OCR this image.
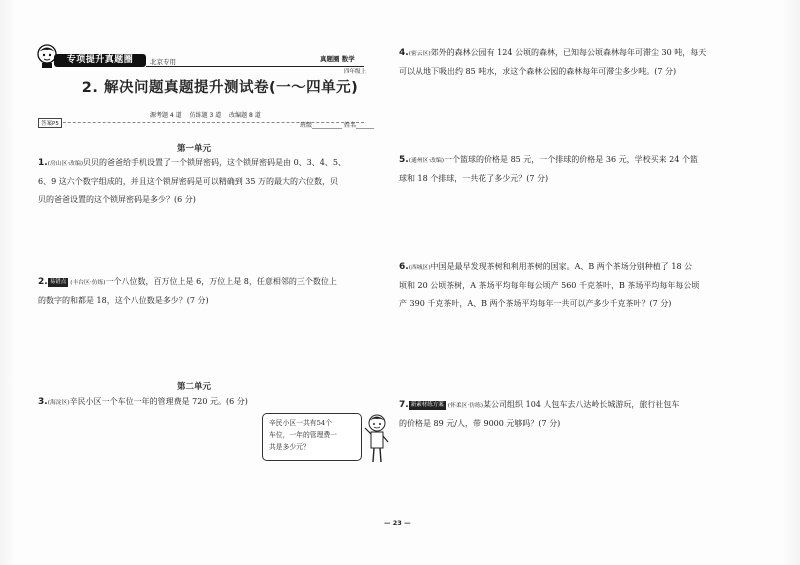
专项提升真题圈	北京专用	真题圈 数学
四年级上
2. 解决问题真题提升测试卷(一～四单元)
源考题 4 道 仿练题 3 道 改编题 8 道
答案P5	班级__________ 姓名______
第一单元
1.(房山区·改编)贝贝的爸爸给手机设置了一个锁屏密码，这个锁屏密码是由 0、3、4、5、
6、9 这六个数字组成的，并且这个锁屏密码是可以精确到 35 万的最大的六位数，贝
贝的爸爸设置的这个锁屏密码是多少？(6 分)
2. 易错点 (丰台区·仿练)一个八位数，百万位上是 6，万位上是 8，任意相邻的三个数位上
的数字的和都是 18，这个八位数是多少？(7 分)
第二单元
3.(海淀区)辛民小区一个车位一年的管理费是 720 元。(6 分)
辛民小区一共有54个
车位，一年的管理费一
共是多少元？
4.(密云区)郊外的森林公园有 124 公顷的森林，已知每公顷森林每年可滞尘 30 吨，每天
可以从地下吸出约 85 吨水，求这个森林公园的森林每年可滞尘多少吨。(7 分)
5.(通州区·改编)一个篮球的价格是 85 元，一个排球的价格是 36 元，学校买来 24 个篮
球和 18 个排球，一共花了多少元？(7 分)
6.(西城区)中国是最早发现茶树和利用茶树的国家。A、B 两个茶场分别种植了 18 公
顷和 20 公顷茶树，A 茶场平均每年每公顷产 560 千克茶叶，B 茶场平均每年每公顷
产 390 千克茶叶，A、B 两个茶场平均每年一共可以产多少千克茶叶？(7 分)
7. 新素材练方案 (怀柔区·仿练)某公司组织 104 人包车去八达岭长城游玩，旅行社包车
的价格是 89 元/人，带 9000 元够吗？(7 分)
— 23 —
